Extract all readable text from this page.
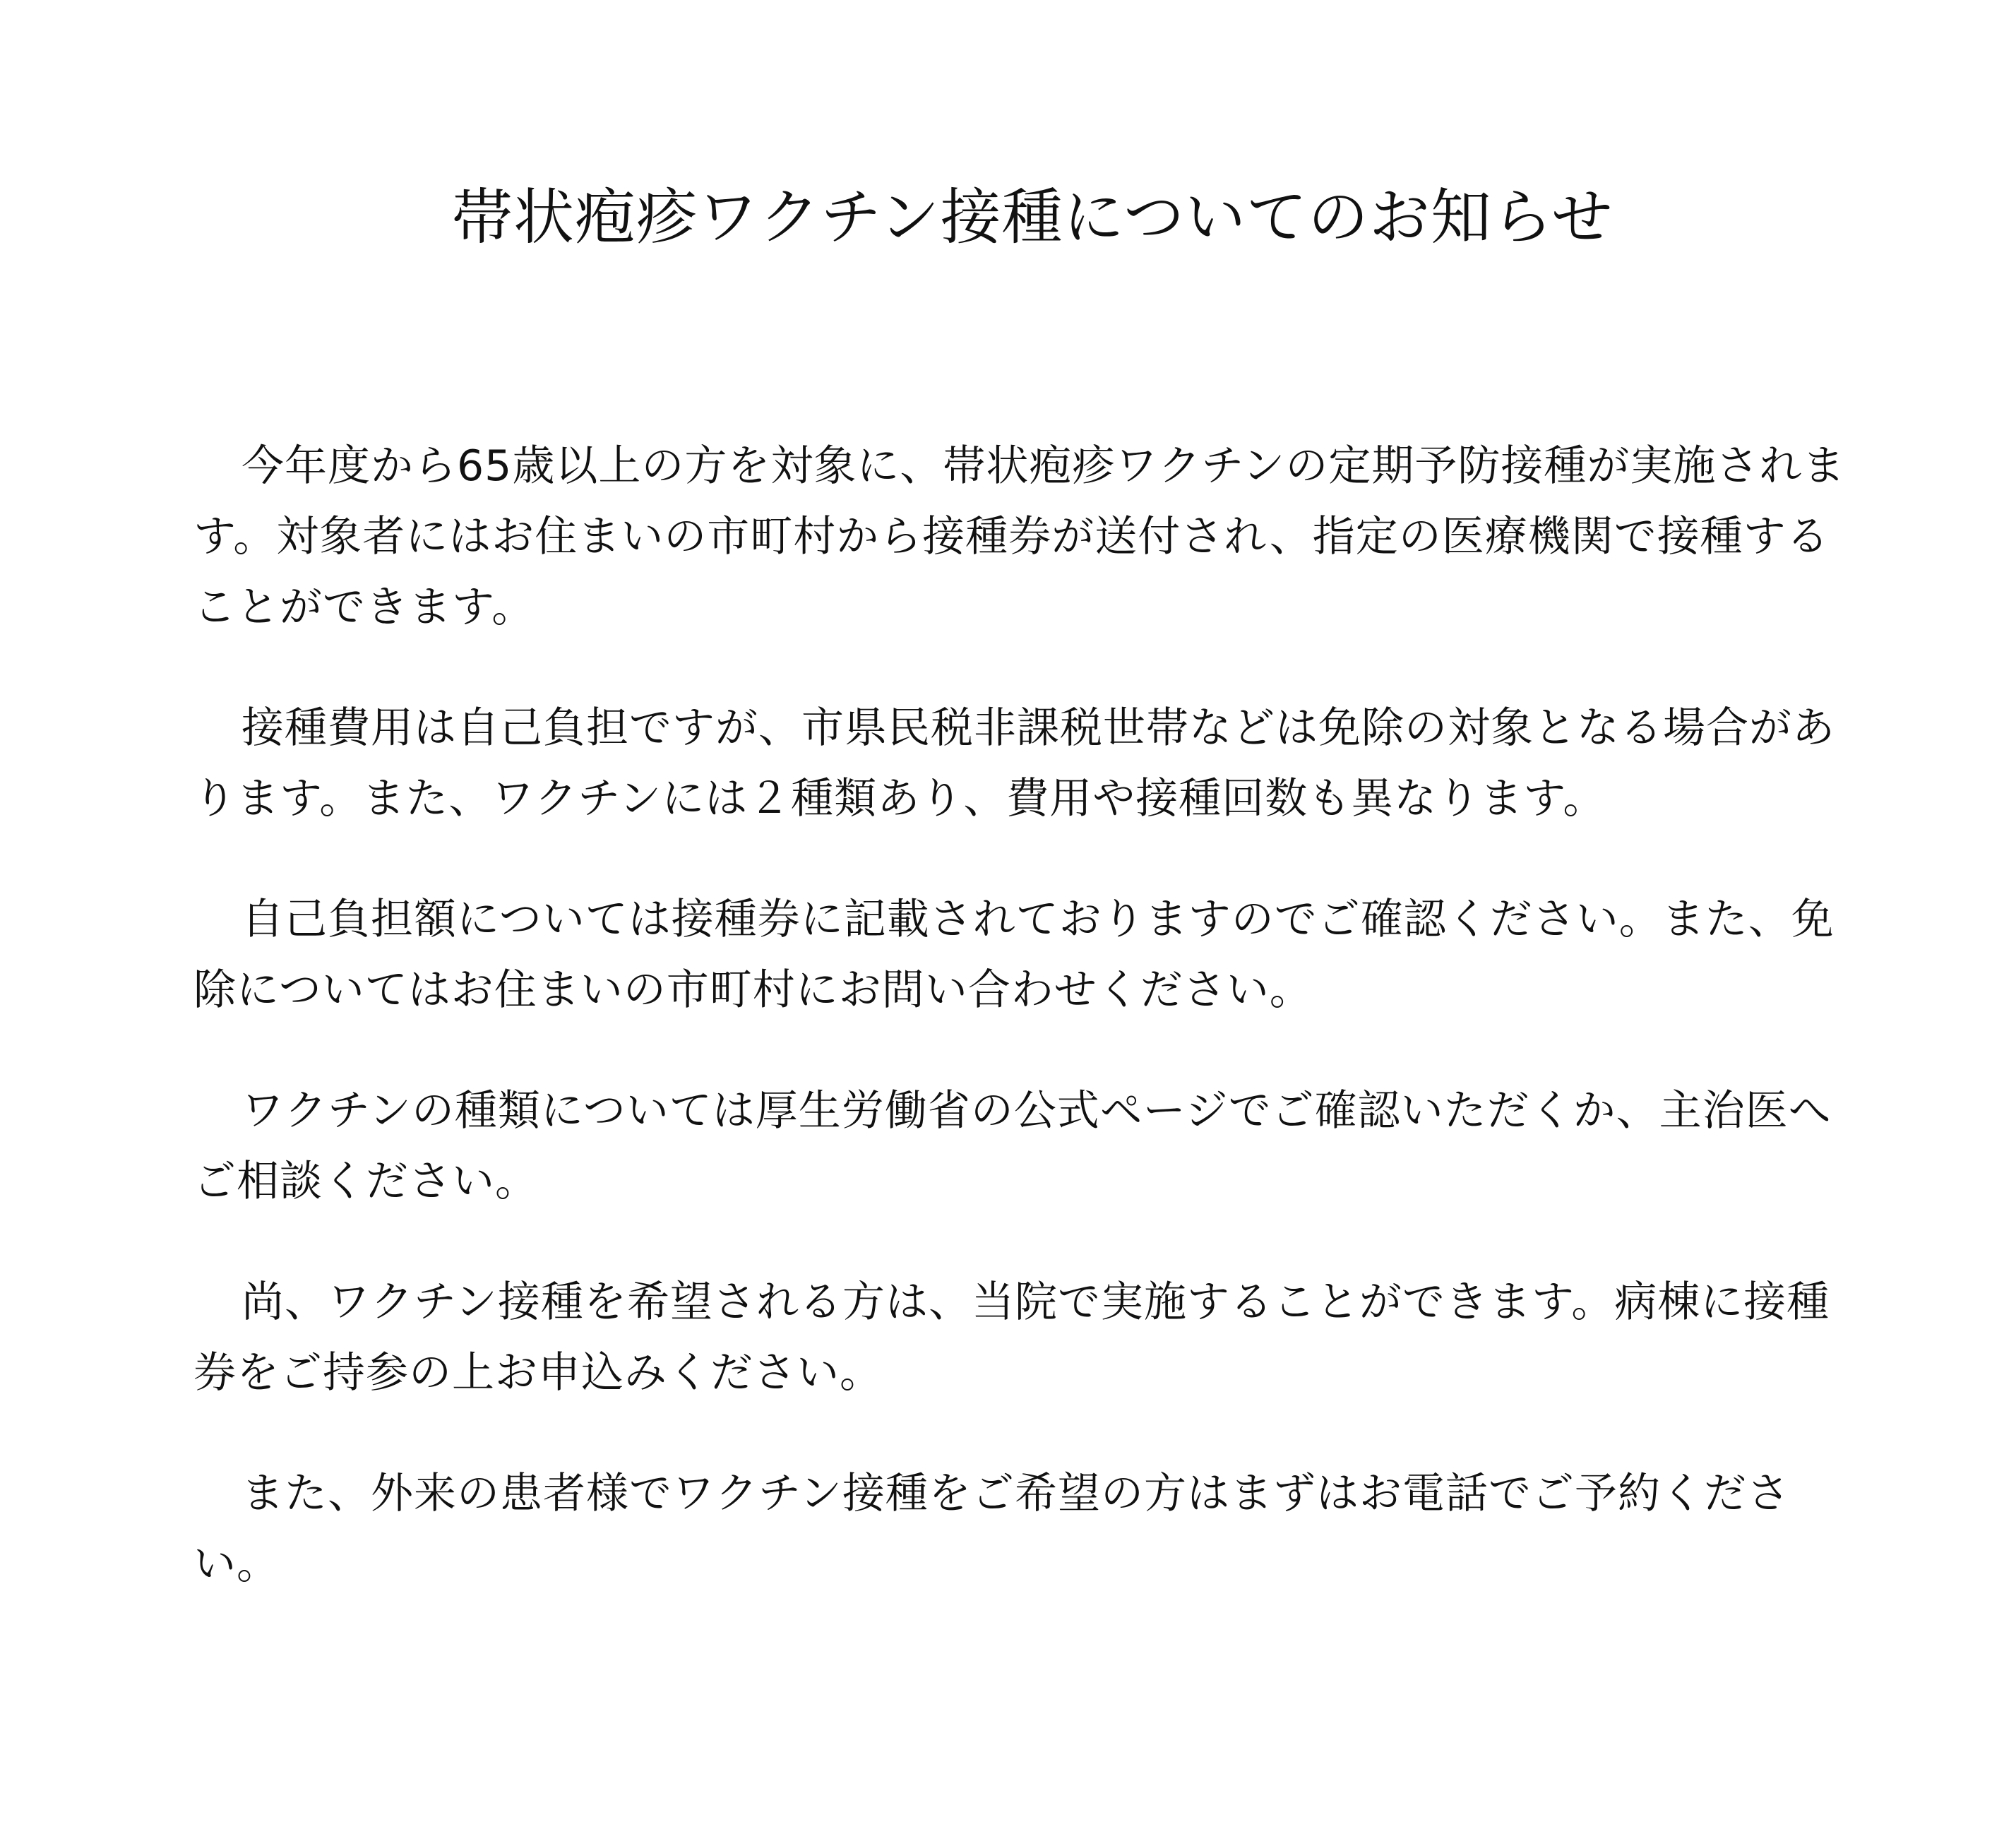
帯状疱疹ワクチン接種についてのお知らせ

今年度から65歳以上の方を対象に、帯状疱疹ワクチンの定期予防接種が実施されます。対象者にはお住まいの市町村から接種券が送付され、指定の医療機関で接種することができます。

接種費用は自己負担ですが、市県民税非課税世帯などは免除の対象となる場合があります。また、ワクチンには２種類あり、費用や接種回数も異なります。

自己負担額については接種券に記載されておりますのでご確認ください。また、免除についてはお住まいの市町村にお問い合わせください。

ワクチンの種類については厚生労働省の公式ページでご確認いただくか、主治医へご相談ください。

尚、ワクチン接種を希望される方は、当院で実施することができます。病棟に接種券をご持参の上お申込みください。

また、外来の患者様でワクチン接種をご希望の方はまずはお電話でご予約ください。
